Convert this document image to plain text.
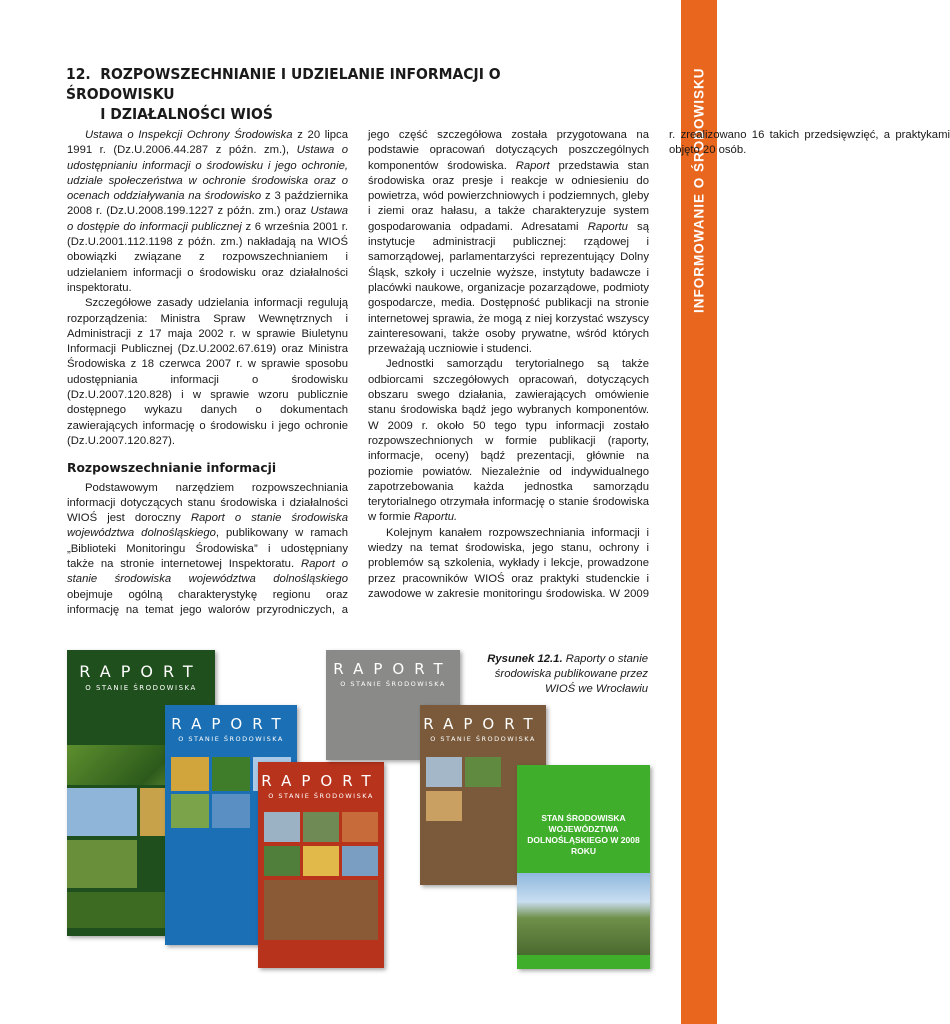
INFORMOWANIE O ŚRODOWISKU
12. ROZPOWSZECHNIANIE I UDZIELANIE INFORMACJI O ŚRODOWISKU
I DZIAŁALNOŚCI WIOŚ

Ustawa o Inspekcji Ochrony Środowiska z 20 lipca 1991 r. (Dz.U.2006.44.287 z późn. zm.), Ustawa o udostępnianiu informacji o środowisku i jego ochronie, udziale społeczeństwa w ochronie środowiska oraz o ocenach oddziaływania na środowisko z 3 października 2008 r. (Dz.U.2008.199.1227 z późn. zm.) oraz Ustawa o dostępie do informacji publicznej z 6 września 2001 r. (Dz.U.2001.112.1198 z późn. zm.) nakładają na WIOŚ obowiązki związane z rozpowszechnianiem i udzielaniem informacji o środowisku oraz działalności inspektoratu.

Szczegółowe zasady udzielania informacji regulują rozporządzenia: Ministra Spraw Wewnętrznych i Administracji z 17 maja 2002 r. w sprawie Biuletynu Informacji Publicznej (Dz.U.2002.67.619) oraz Ministra Środowiska z 18 czerwca 2007 r. w sprawie sposobu udostępniania informacji o środowisku (Dz.U.2007.120.828) i w sprawie wzoru publicznie dostępnego wykazu danych o dokumentach zawierających informację o środowisku i jego ochronie (Dz.U.2007.120.827).

Rozpowszechnianie informacji

Podstawowym narzędziem rozpowszechniania informacji dotyczących stanu środowiska i działalności WIOŚ jest doroczny Raport o stanie środowiska województwa dolnośląskiego, publikowany w ramach „Biblioteki Monitoringu Środowiska” i udostępniany także na stronie internetowej Inspektoratu. Raport o stanie środowiska województwa dolnośląskiego obejmuje ogólną charakterystykę regionu oraz informację na temat jego walorów przyrodniczych, a jego część szczegółowa została przygotowana na podstawie opracowań dotyczących poszczególnych komponentów środowiska. Raport przedstawia stan środowiska oraz presje i reakcje w odniesieniu do powietrza, wód powierzchniowych i podziemnych, gleby i ziemi oraz hałasu, a także charakteryzuje system gospodarowania odpadami. Adresatami Raportu są instytucje administracji publicznej: rządowej i samorządowej, parlamentarzyści reprezentujący Dolny Śląsk, szkoły i uczelnie wyższe, instytuty badawcze i placówki naukowe, organizacje pozarządowe, podmioty gospodarcze, media. Dostępność publikacji na stronie internetowej sprawia, że mogą z niej korzystać wszyscy zainteresowani, także osoby prywatne, wśród których przeważają uczniowie i studenci.

Jednostki samorządu terytorialnego są także odbiorcami szczegółowych opracowań, dotyczących obszaru swego działania, zawierających omówienie stanu środowiska bądź jego wybranych komponentów. W 2009 r. około 50 tego typu informacji zostało rozpowszechnionych w formie publikacji (raporty, informacje, oceny) bądź prezentacji, głównie na poziomie powiatów. Niezależnie od indywidualnego zapotrzebowania każda jednostka samorządu terytorialnego otrzymała informację o stanie środowiska w formie Raportu.

Kolejnym kanałem rozpowszechniania informacji i wiedzy na temat środowiska, jego stanu, ochrony i problemów są szkolenia, wykłady i lekcje, prowadzone przez pracowników WIOŚ oraz praktyki studenckie i zawodowe w zakresie monitoringu środowiska. W 2009 r. zrealizowano 16 takich przedsięwzięć, a praktykami objęto 20 osób.

Rysunek 12.1. Raporty o stanie środowiska publikowane przez WIOŚ we Wrocławiu
RAPORT
O STANIE ŚRODOWISKA
RAPORT
O STANIE ŚRODOWISKA
RAPORT
O STANIE ŚRODOWISKA
RAPORT
O STANIE ŚRODOWISKA
RAPORT
O STANIE ŚRODOWISKA
STAN ŚRODOWISKA WOJEWÓDZTWA DOLNOŚLĄSKIEGO W 2008 ROKU
